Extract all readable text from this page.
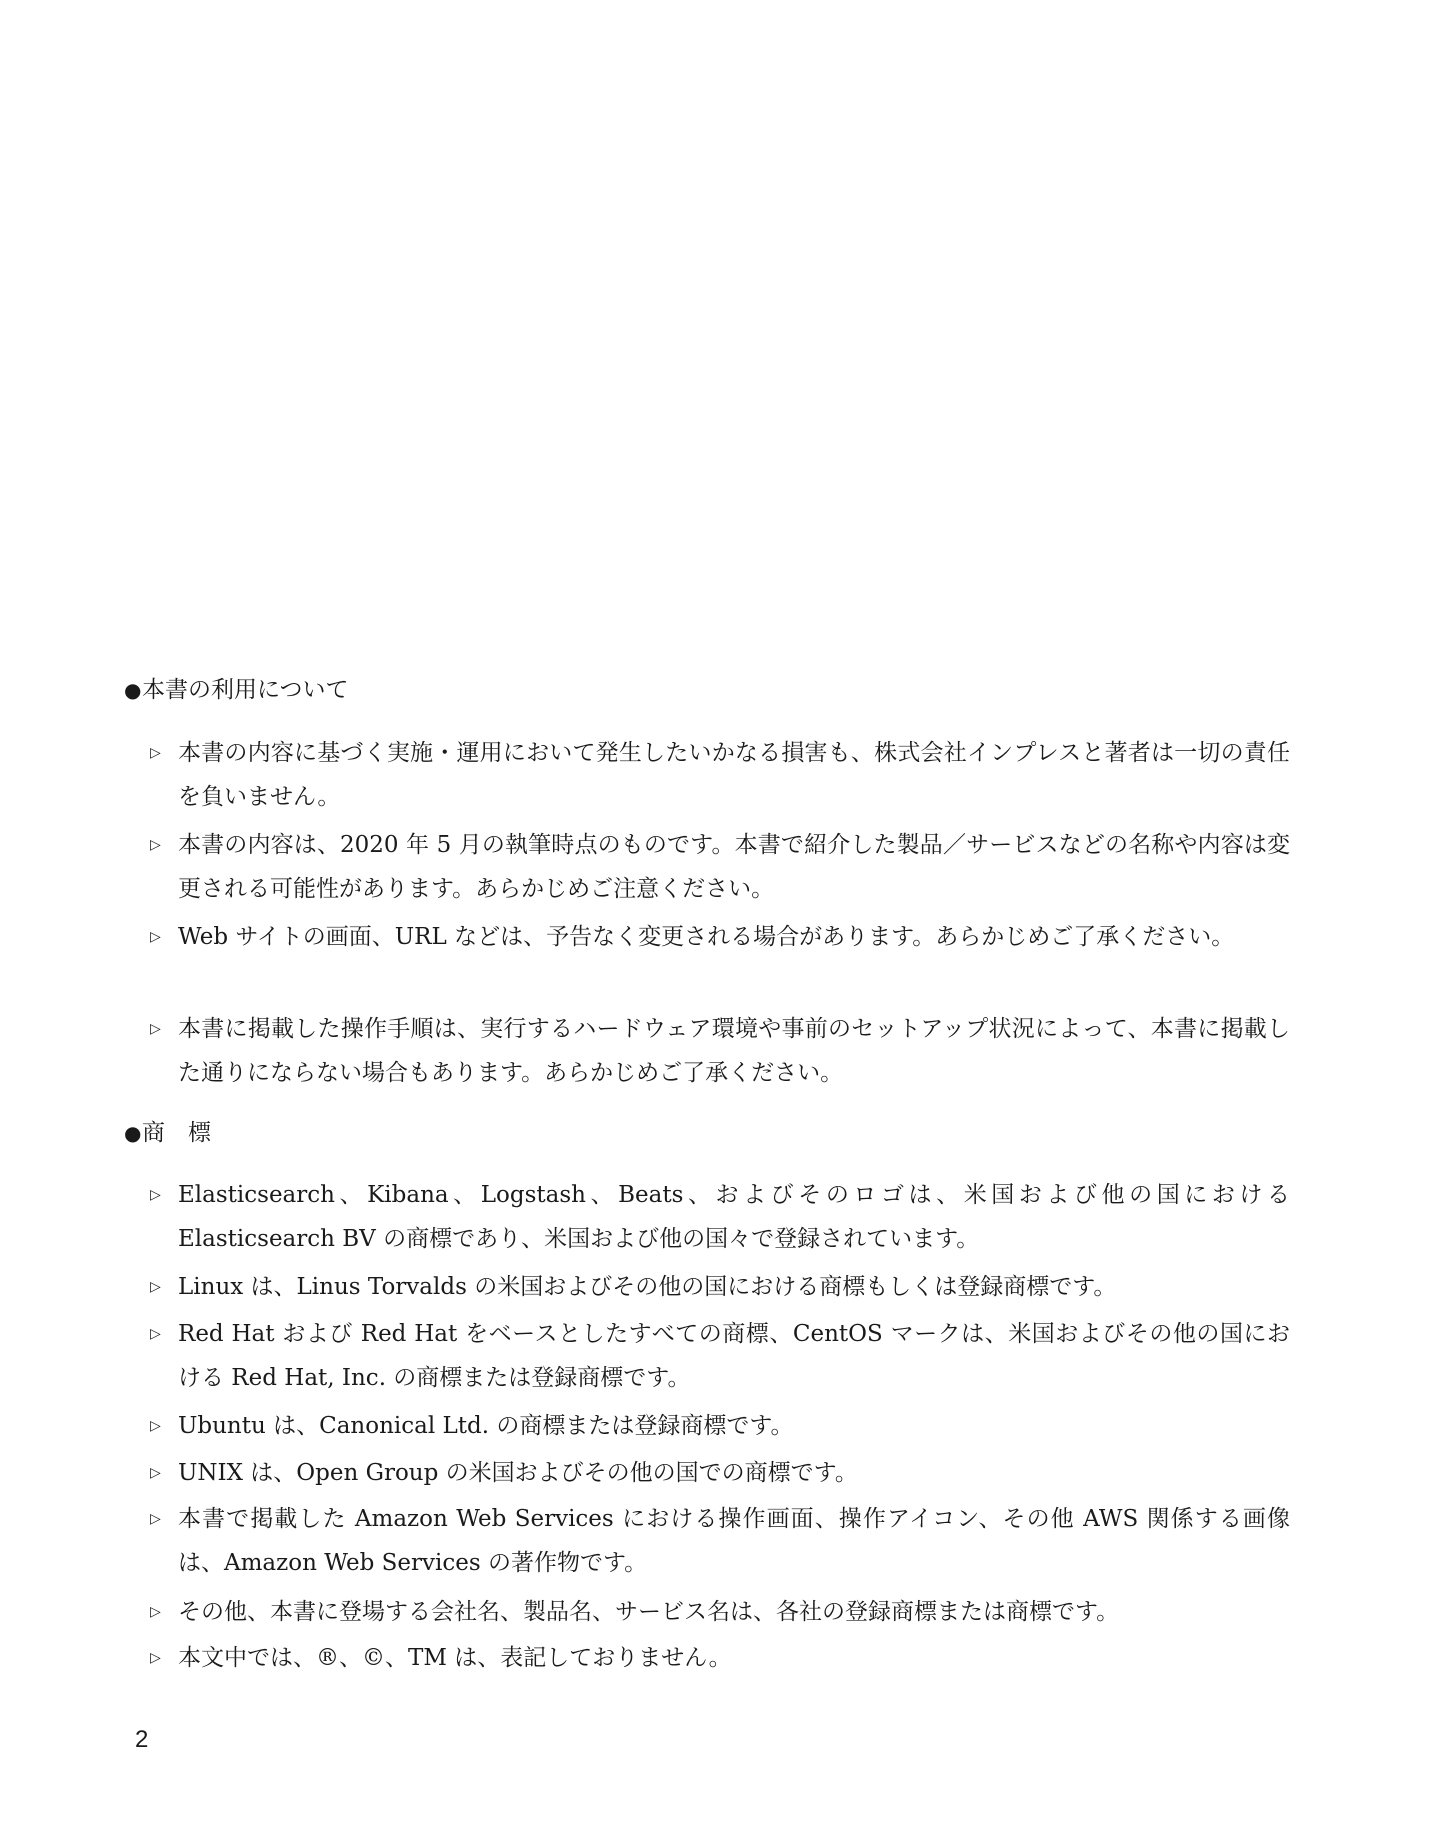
●本書の利用について
▷ 本書の内容に基づく実施・運用において発生したいかなる損害も、株式会社インプレスと著者は一切の責任を負いません。
▷ 本書の内容は、2020 年 5 月の執筆時点のものです。本書で紹介した製品／サービスなどの名称や内容は変更される可能性があります。あらかじめご注意ください。
▷ Web サイトの画面、URL などは、予告なく変更される場合があります。あらかじめご了承ください。
▷ 本書に掲載した操作手順は、実行するハードウェア環境や事前のセットアップ状況によって、本書に掲載した通りにならない場合もあります。あらかじめご了承ください。
●商　標
▷ Elasticsearch、Kibana、Logstash、Beats、およびそのロゴは、米国および他の国における Elasticsearch BV の商標であり、米国および他の国々で登録されています。
▷ Linux は、Linus Torvalds の米国およびその他の国における商標もしくは登録商標です。
▷ Red Hat および Red Hat をベースとしたすべての商標、CentOS マークは、米国およびその他の国における Red Hat, Inc. の商標または登録商標です。
▷ Ubuntu は、Canonical Ltd. の商標または登録商標です。
▷ UNIX は、Open Group の米国およびその他の国での商標です。
▷ 本書で掲載した Amazon Web Services における操作画面、操作アイコン、その他 AWS 関係する画像は、Amazon Web Services の著作物です。
▷ その他、本書に登場する会社名、製品名、サービス名は、各社の登録商標または商標です。
▷ 本文中では、®、©、TM は、表記しておりません。
2
